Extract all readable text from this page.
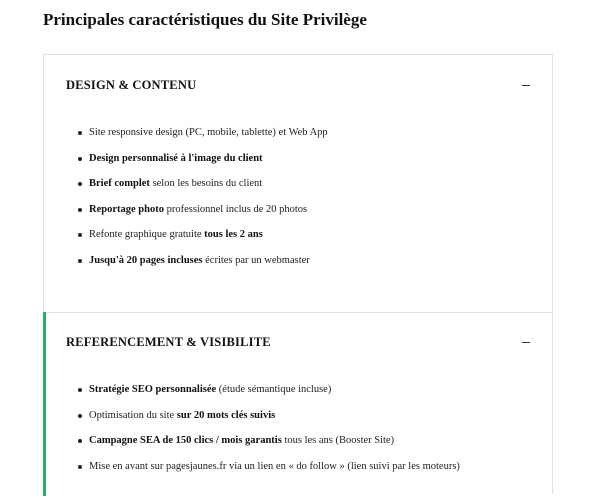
Principales caractéristiques du Site Privilège
DESIGN & CONTENU
Site responsive design (PC, mobile, tablette) et Web App
Design personnalisé à l'image du client
Brief complet selon les besoins du client
Reportage photo professionnel inclus de 20 photos
Refonte graphique gratuite tous les 2 ans
Jusqu'à 20 pages incluses écrites par un webmaster
REFERENCEMENT & VISIBILITE
Stratégie SEO personnalisée (étude sémantique incluse)
Optimisation du site sur 20 mots clés suivis
Campagne SEA de 150 clics / mois garantis tous les ans (Booster Site)
Mise en avant sur pagesjaunes.fr via un lien en « do follow » (lien suivi par les moteurs)
